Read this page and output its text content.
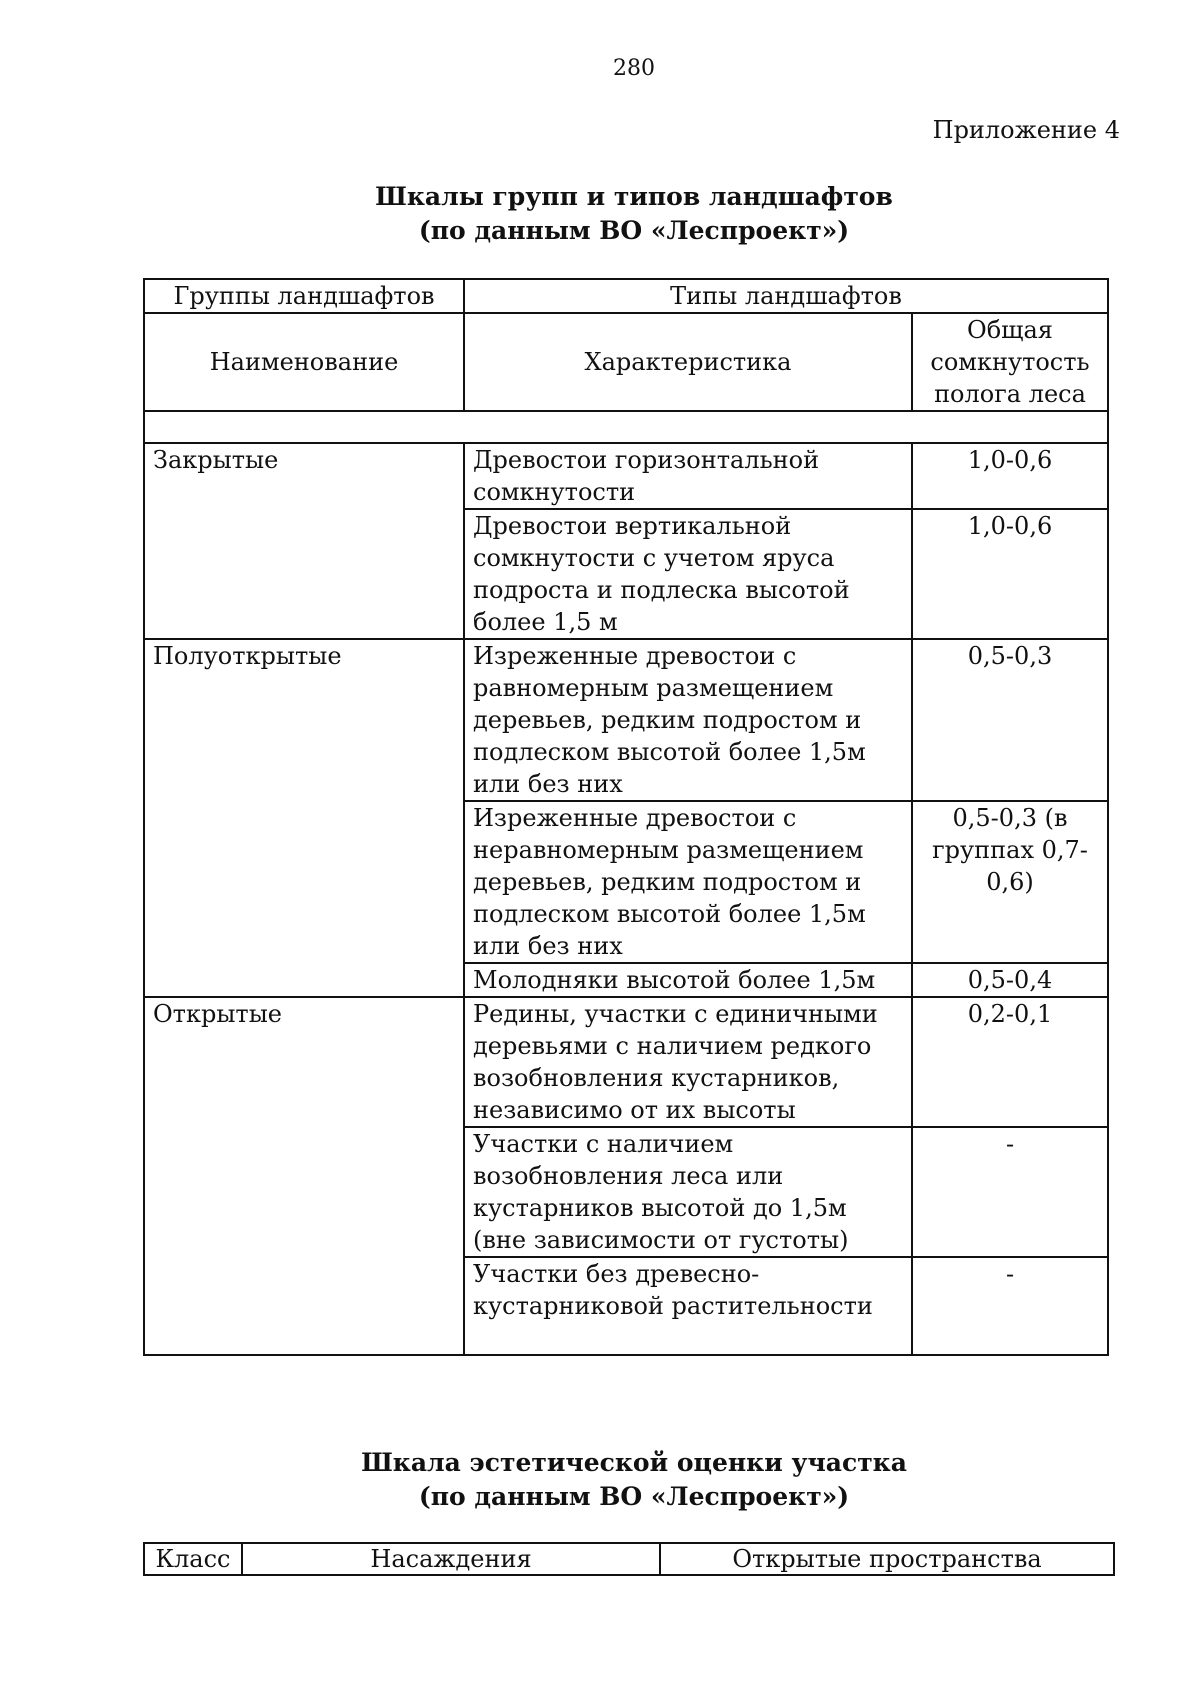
280
Приложение 4
Шкалы групп и типов ландшафтов
(по данным ВО «Леспроект»)
Группы ландшафтов	Типы ландшафтов	
Наименование	Характеристика	Общая сомкнутость полога леса

Закрытые	Древостои горизонтальной сомкнутости	1,0-0,6
	Древостои вертикальной сомкнутости с учетом яруса подроста и подлеска высотой более 1,5 м	1,0-0,6
Полуоткрытые	Изреженные древостои с равномерным размещением деревьев, редким подростом и подлеском высотой более 1,5м или без них	0,5-0,3
	Изреженные древостои с неравномерным размещением деревьев, редким подростом и подлеском высотой более 1,5м или без них	0,5-0,3 (в группах 0,7-0,6)
	Молодняки высотой более 1,5м	0,5-0,4
Открытые	Редины, участки с единичными деревьями с наличием редкого возобновления кустарников, независимо от их высоты	0,2-0,1
	Участки с наличием возобновления леса или кустарников высотой до 1,5м (вне зависимости от густоты)	-
	Участки без древесно-кустарниковой растительности	-
Шкала эстетической оценки участка
(по данным ВО «Леспроект»)
Класс	Насаждения	Открытые пространства
